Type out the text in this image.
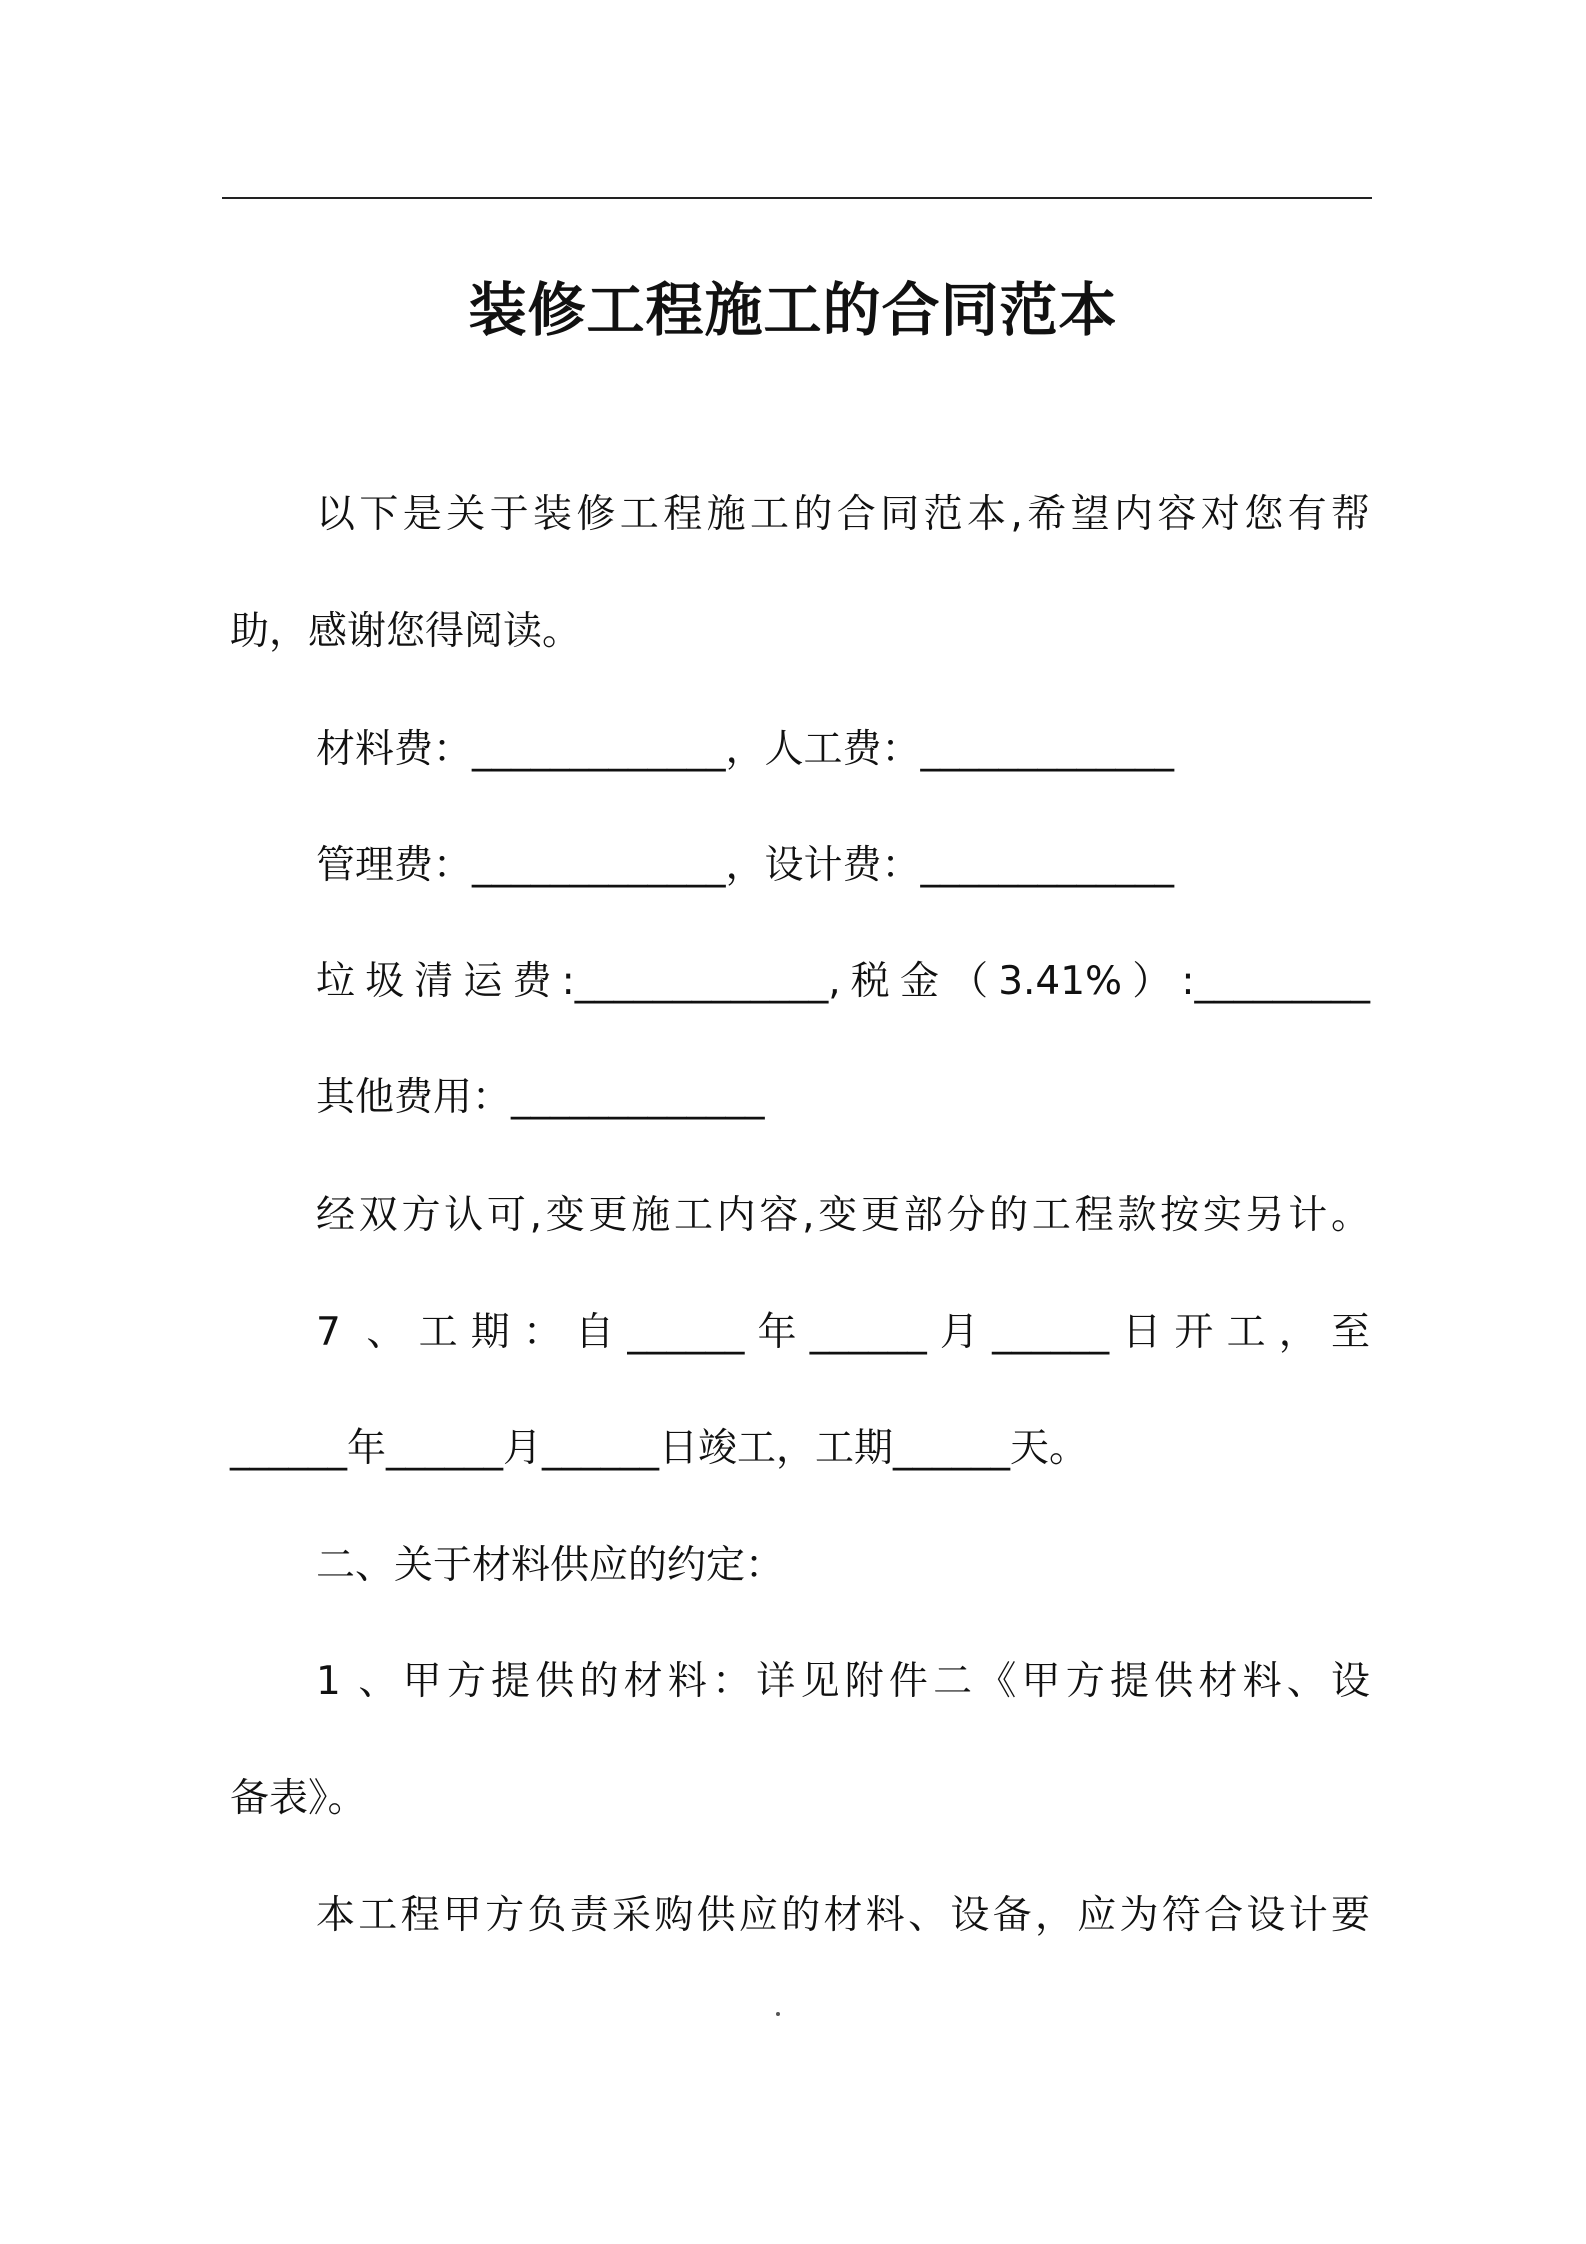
装修工程施工的合同范本

以下是关于装修工程施工的合同范本,希望内容对您有帮

助，感谢您得阅读。

材料费：_____________，人工费：_____________

管理费：_____________，设计费：_____________

垃圾清运费:_____________,税金（3.41%）:_________

其他费用：_____________

经双方认可,变更施工内容,变更部分的工程款按实另计。

7 、工期：自______年______月______日开工，至

______年______月______日竣工，工期______天。

二、关于材料供应的约定：

1 、甲方提供的材料：详见附件二《甲方提供材料、设

备表》。

本工程甲方负责采购供应的材料、设备，应为符合设计要
